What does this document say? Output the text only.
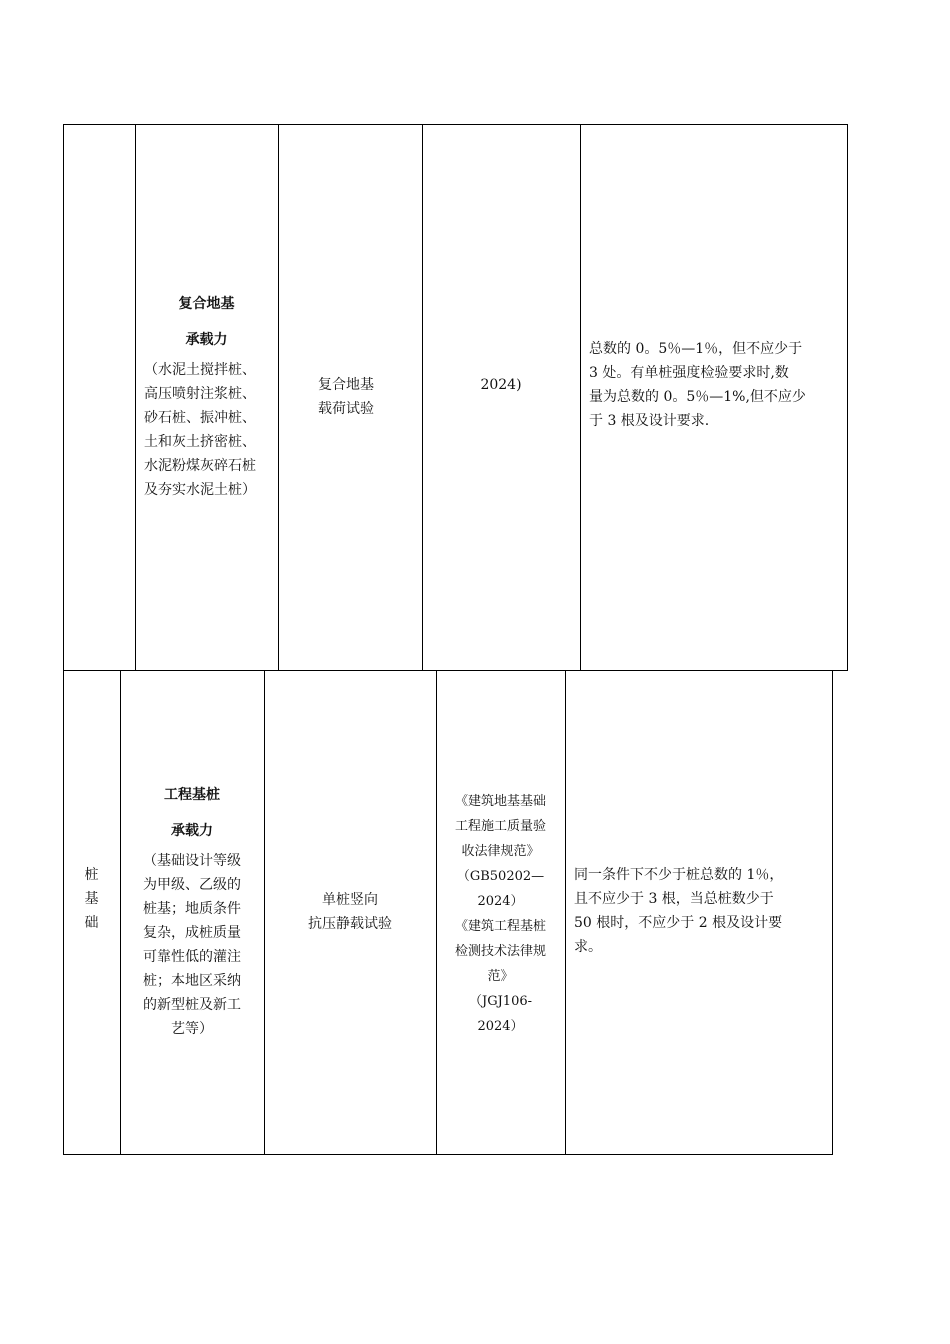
复合地基
承载力
（水泥土搅拌桩、
高压喷射注浆桩、
砂石桩、振冲桩、
土和灰土挤密桩、
水泥粉煤灰碎石桩
及夯实水泥土桩）
复合地基
载荷试验
2024)
总数的 0。5％—1％，但不应少于
3 处。有单桩强度检验要求时,数
量为总数的 0。5％—1%,但不应少
于 3 根及设计要求.
桩
基
础
工程基桩
承载力
（基础设计等级
为甲级、乙级的
桩基；地质条件
复杂，成桩质量
可靠性低的灌注
桩；本地区采纳
的新型桩及新工
艺等）
单桩竖向
抗压静载试验
《建筑地基基础
工程施工质量验
收法律规范》
（GB50202—
2024）
《建筑工程基桩
检测技术法律规
范》
（JGJ106-
2024）
同一条件下不少于桩总数的 1％，
且不应少于 3 根，当总桩数少于
50 根时，不应少于 2 根及设计要
求。
